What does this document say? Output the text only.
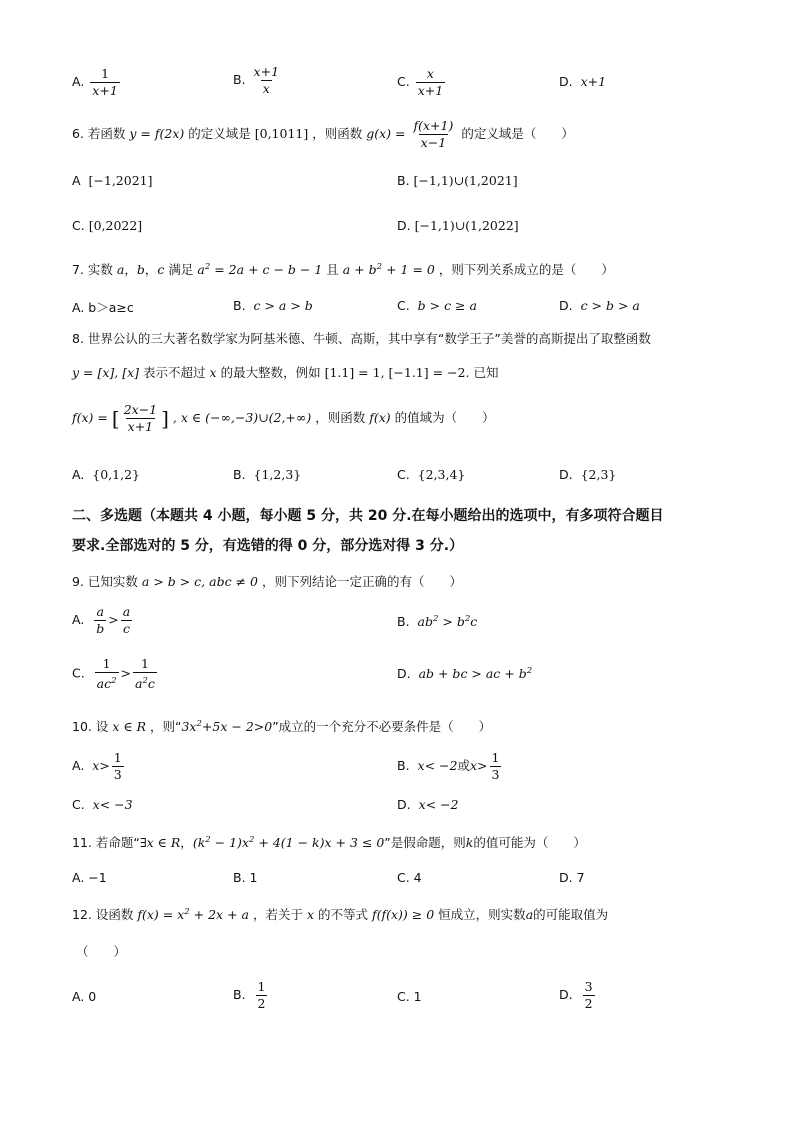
A. $\frac{1}{x+1}$	B. $\frac{x+1}{x}$	C. $\frac{x}{x+1}$	D.  x+1
6. 若函数 y = f(2x) 的定义域是 [0,1011] ，则函数 $g(x) = \frac{f(x+1)}{x-1}$ 的定义域是（　　）
A [−1,2021]	B. [−1,1)∪(1,2021]
C. [0,2022]	D. [−1,1)∪(1,2022]
7. 实数 a，b，c 满足 $a^2 = 2a + c - b - 1$ 且 $a + b^2 + 1 = 0$ ，则下列关系成立的是（　　）
A. b＞a≥c	B. c > a > b	C. b > c ≥ a	D. c > b > a
8. 世界公认的三大著名数学家为阿基米德、牛顿、高斯，其中享有“数学王子”美誉的高斯提出了取整函数
y = [x], [x] 表示不超过 x 的最大整数，例如 [1.1] = 1, [−1.1] = −2. 已知
f(x) = [ $\frac{2x-1}{x+1}$ ] , x ∈ (−∞,−3)∪(2,+∞) ，则函数 f(x) 的值域为（　　）
A. {0,1,2}	B. {1,2,3}	C. {2,3,4}	D. {2,3}
二、多选题（本题共 4 小题，每小题 5 分，共 20 分.在每小题给出的选项中，有多项符合题目
要求.全部选对的 5 分，有选错的得 0 分，部分选对得 3 分.）
9. 已知实数 a > b > c, abc ≠ 0 ，则下列结论一定正确的有（　　）
A. $\frac{a}{b} > \frac{a}{c}$	B. $ab^2 > b^2c$
C. $\frac{1}{ac^2} > \frac{1}{a^2c}$	D. ab + bc > ac + $b^2$
10. 设 x ∈ R ，则“$3x^2+5x - 2>0$”成立的一个充分不必要条件是（　　）
A. $x> \frac{1}{3}$	B. x< −2或$x> \frac{1}{3}$
C. x< −3	D. x< −2
11. 若命题“∃x ∈ R，$(k^2 - 1)x^2 + 4(1 - k)x + 3 \le 0$”是假命题，则k的值可能为（　　）
A. −1	B. 1	C. 4	D. 7
12. 设函数 $f(x) = x^2 + 2x + a$ ，若关于 x 的不等式 f(f(x)) ≥ 0 恒成立，则实数a的可能取值为
（　　）
A. 0	B. $\frac{1}{2}$	C. 1	D. $\frac{3}{2}$
